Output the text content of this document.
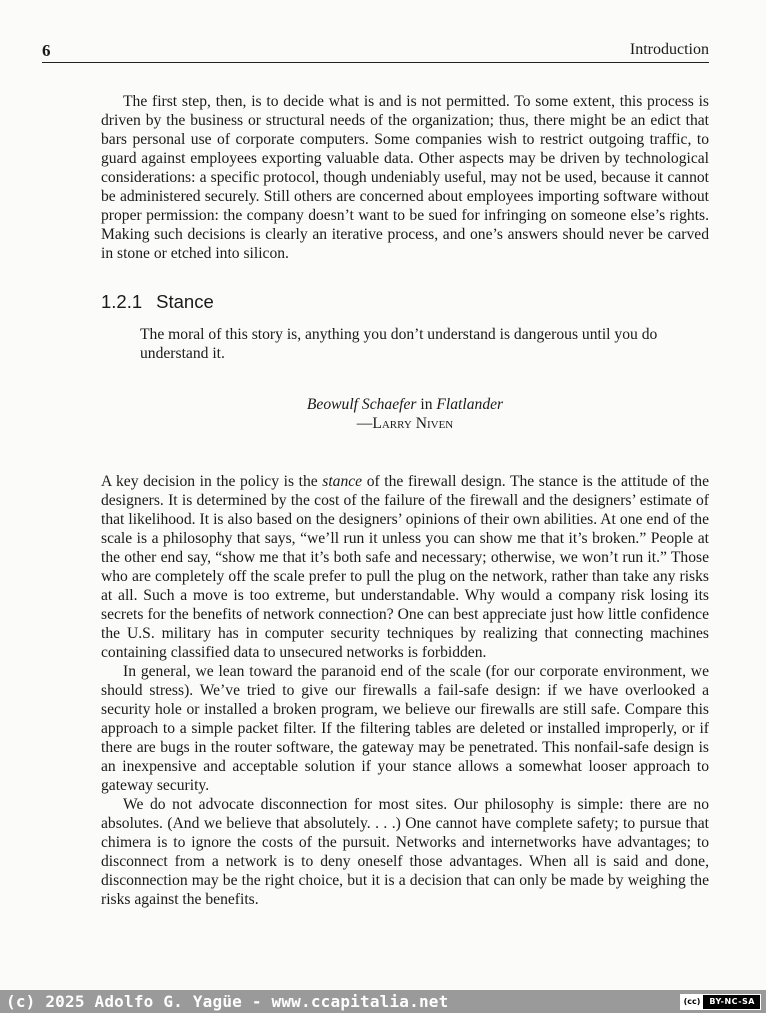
6	Introduction

The first step, then, is to decide what is and is not permitted. To some extent, this process is driven by the business or structural needs of the organization; thus, there might be an edict that bars personal use of corporate computers. Some companies wish to restrict outgoing traffic, to guard against employees exporting valuable data. Other aspects may be driven by technological considerations: a specific protocol, though undeniably useful, may not be used, because it cannot be administered securely. Still others are concerned about employees importing software without proper permission: the company doesn’t want to be sued for infringing on someone else’s rights. Making such decisions is clearly an iterative process, and one’s answers should never be carved in stone or etched into silicon.

1.2.1 Stance
The moral of this story is, anything you don’t understand is dangerous until you do understand it.
Beowulf Schaefer in Flatlander
—Larry Niven

A key decision in the policy is the stance of the firewall design. The stance is the attitude of the designers. It is determined by the cost of the failure of the firewall and the designers’ estimate of that likelihood. It is also based on the designers’ opinions of their own abilities. At one end of the scale is a philosophy that says, “we’ll run it unless you can show me that it’s broken.” People at the other end say, “show me that it’s both safe and necessary; otherwise, we won’t run it.” Those who are completely off the scale prefer to pull the plug on the network, rather than take any risks at all. Such a move is too extreme, but understandable. Why would a company risk losing its secrets for the benefits of network connection? One can best appreciate just how little confidence the U.S. military has in computer security techniques by realizing that connecting machines containing classified data to unsecured networks is forbidden.

In general, we lean toward the paranoid end of the scale (for our corporate environment, we should stress). We’ve tried to give our firewalls a fail-safe design: if we have overlooked a security hole or installed a broken program, we believe our firewalls are still safe. Compare this approach to a simple packet filter. If the filtering tables are deleted or installed improperly, or if there are bugs in the router software, the gateway may be penetrated. This nonfail-safe design is an inexpensive and acceptable solution if your stance allows a somewhat looser approach to gateway security.

We do not advocate disconnection for most sites. Our philosophy is simple: there are no absolutes. (And we believe that absolutely. . . .) One cannot have complete safety; to pursue that chimera is to ignore the costs of the pursuit. Networks and internetworks have advantages; to disconnect from a network is to deny oneself those advantages. When all is said and done, disconnection may be the right choice, but it is a decision that can only be made by weighing the risks against the benefits.

(c) 2025 Adolfo G. Yagüe - www.ccapitalia.net	(cc)	BY-NC-SA
